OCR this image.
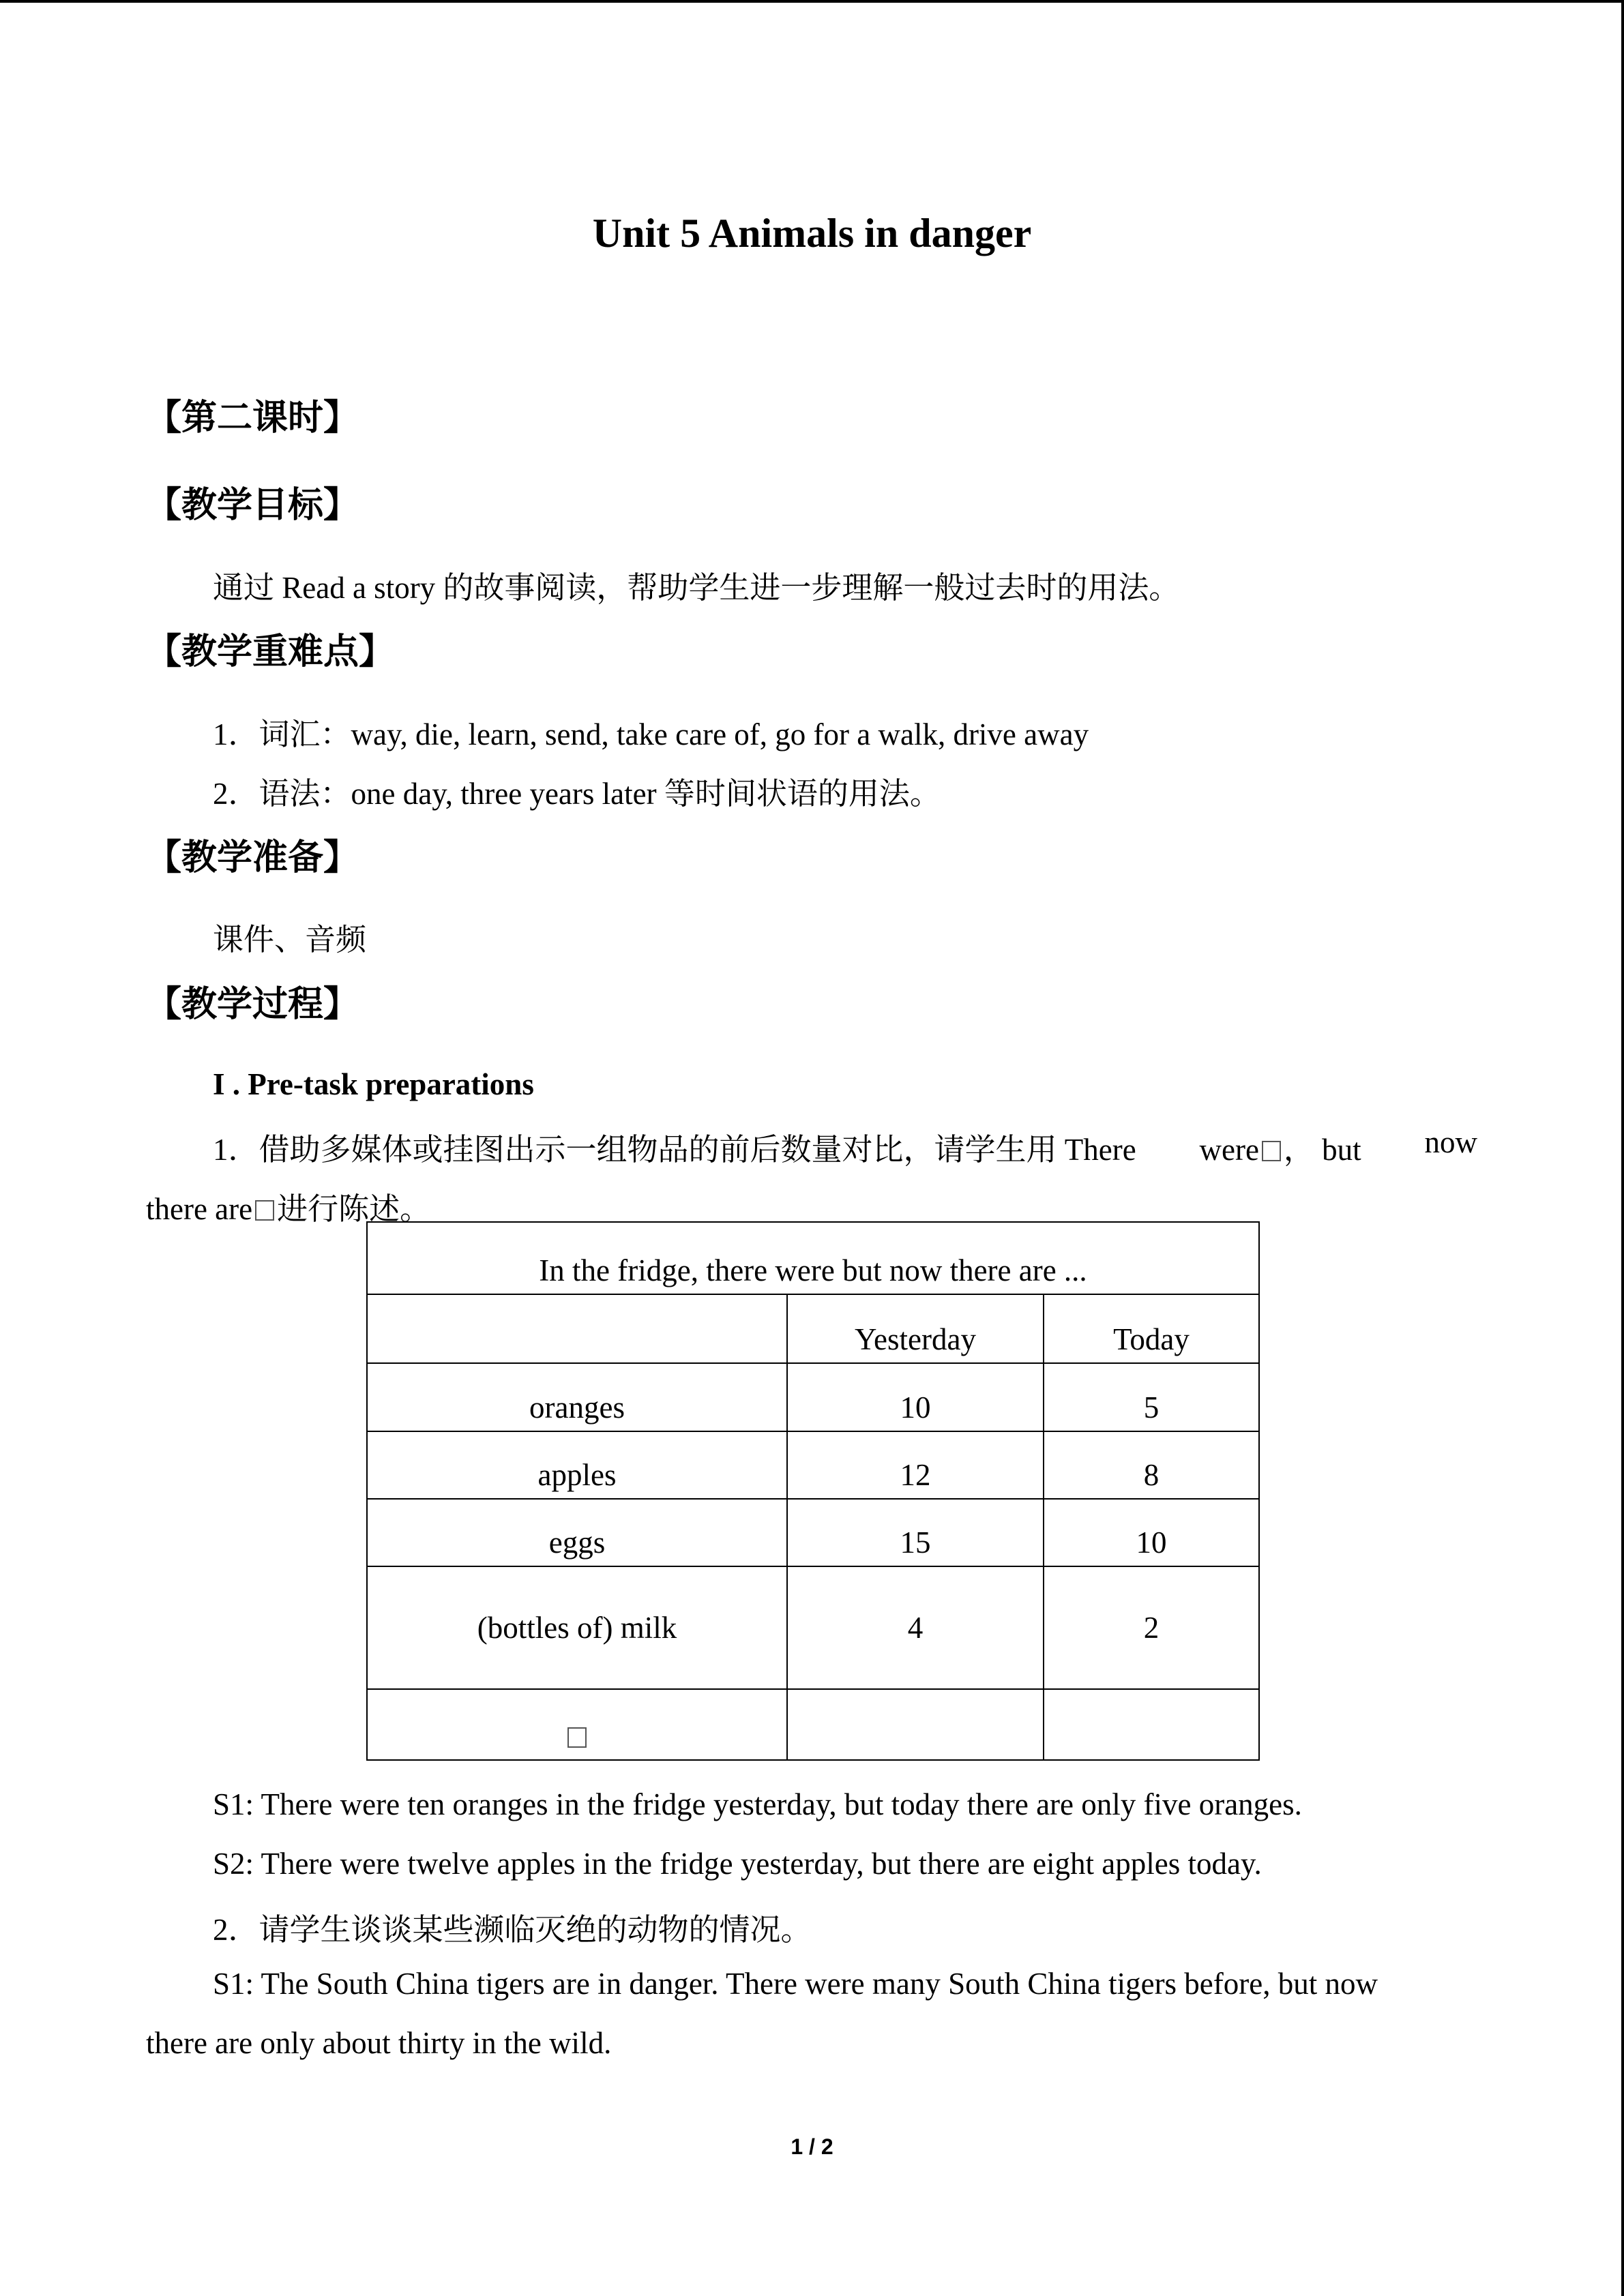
Unit 5 Animals in danger
【第二课时】
【教学目标】
通过 Read a story 的故事阅读，帮助学生进一步理解一般过去时的用法。
【教学重难点】
1．词汇：way, die, learn, send, take care of, go for a walk, drive away
2．语法：one day, three years later 等时间状语的用法。
【教学准备】
课件、音频
【教学过程】
I . Pre-task preparations
1．借助多媒体或挂图出示一组物品的前后数量对比，请学生用 There were ， but now
there are 进行陈述。
In the fridge, there were but now there are ...		
	Yesterday	Today
oranges	10	5
apples	12	8
eggs	15	10
(bottles of) milk	4	2

S1: There were ten oranges in the fridge yesterday, but today there are only five oranges.
S2: There were twelve apples in the fridge yesterday, but there are eight apples today.
2．请学生谈谈某些濒临灭绝的动物的情况。
S1: The South China tigers are in danger. There were many South China tigers before, but now
there are only about thirty in the wild.
1 / 2
